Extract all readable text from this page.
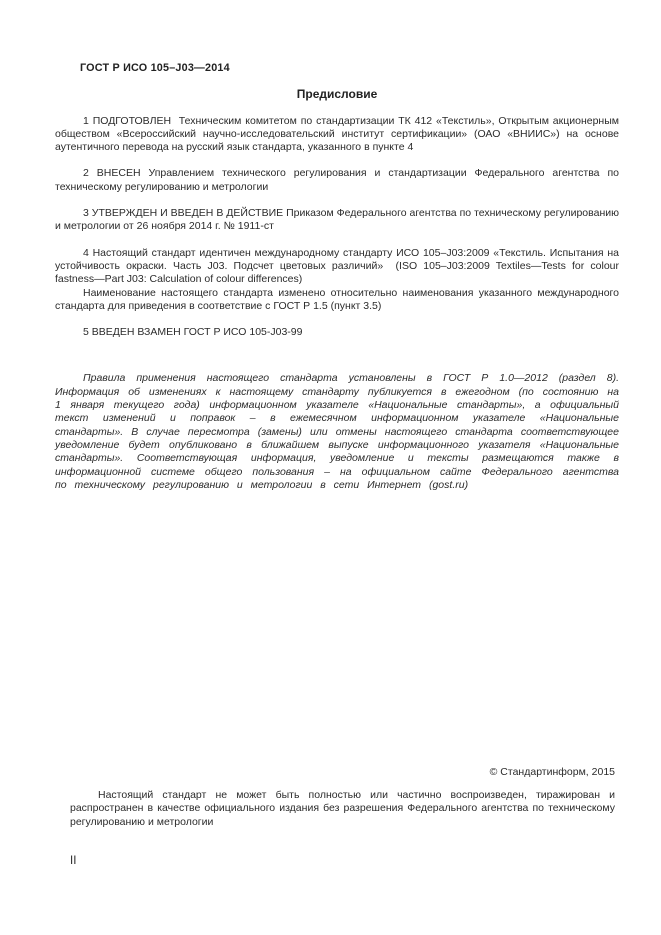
ГОСТ Р ИСО 105–J03—2014
Предисловие

1 ПОДГОТОВЛЕН  Техническим комитетом по стандартизации ТК 412 «Текстиль», Открытым акционерным обществом «Всероссийский научно-исследовательский институт сертификации» (ОАО «ВНИИС») на основе аутентичного перевода на русский язык стандарта, указанного в пункте 4

2 ВНЕСЕН Управлением технического регулирования и стандартизации Федерального агентства по техническому регулированию и метрологии

3 УТВЕРЖДЕН И ВВЕДЕН В ДЕЙСТВИЕ Приказом Федерального агентства по техническому регулированию и метрологии от 26 ноября 2014 г. № 1911-ст

4 Настоящий стандарт идентичен международному стандарту ИСО 105–J03:2009 «Текстиль. Испытания на устойчивость окраски. Часть J03. Подсчет цветовых различий»  (ISO 105–J03:2009 Textiles—Tests for colour fastness—Part J03: Calculation of colour differences)

Наименование настоящего стандарта изменено относительно наименования указанного международного стандарта для приведения в соответствие с ГОСТ Р 1.5 (пункт 3.5)

5 ВВЕДЕН ВЗАМЕН ГОСТ Р ИСО 105-J03-99

Правила применения настоящего стандарта установлены в ГОСТ Р 1.0—2012 (раздел 8). Информация об изменениях к настоящему стандарту публикуется в ежегодном (по состоянию на 1 января текущего года) информационном указателе «Национальные стандарты», а официальный текст изменений и поправок – в ежемесячном информационном указателе «Национальные стандарты». В случае пересмотра (замены) или отмены настоящего стандарта соответствующее уведомление будет опубликовано в ближайшем выпуске информационного указателя «Национальные стандарты». Соответствующая информация, уведомление и тексты размещаются также в информационной системе общего пользования – на официальном сайте Федерального агентства по техническому регулированию и метрологии в сети Интернет (gost.ru)

© Стандартинформ, 2015

Настоящий стандарт не может быть полностью или частично воспроизведен, тиражирован и распространен в качестве официального издания без разрешения Федерального агентства по техническому регулированию и метрологии

II
